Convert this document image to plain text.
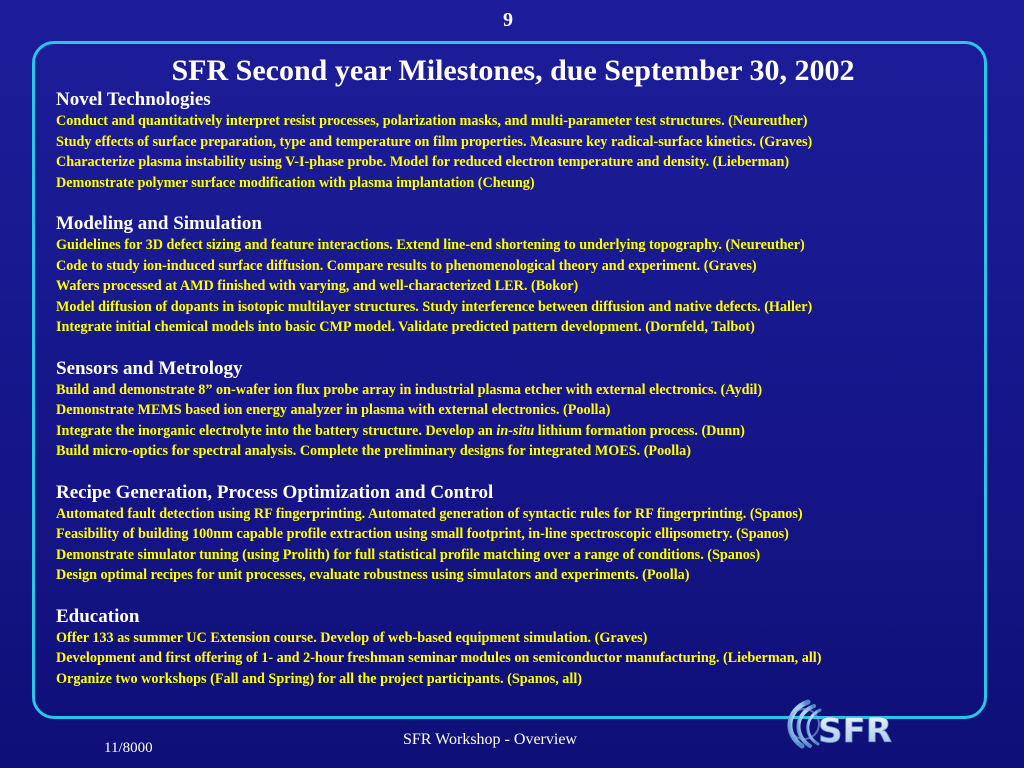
9
SFR Second year Milestones, due September 30, 2002
Novel Technologies
Conduct and quantitatively interpret resist processes, polarization masks, and multi-parameter test structures. (Neureuther)
Study effects of surface preparation, type and temperature on film properties. Measure key radical-surface kinetics. (Graves)
Characterize plasma instability using V-I-phase probe. Model for reduced electron temperature and density. (Lieberman)
Demonstrate polymer surface modification with plasma implantation (Cheung)
Modeling and Simulation
Guidelines for 3D defect sizing and feature interactions. Extend line-end shortening to underlying topography. (Neureuther)
Code to study ion-induced surface diffusion. Compare results to phenomenological theory and experiment. (Graves)
Wafers processed at AMD finished with varying, and well-characterized LER. (Bokor)
Model diffusion of dopants in isotopic multilayer structures. Study interference between diffusion and native defects. (Haller)
Integrate initial chemical models into basic CMP model. Validate predicted pattern development. (Dornfeld, Talbot)
Sensors and Metrology
Build and demonstrate 8” on-wafer ion flux probe array in industrial plasma etcher with external electronics. (Aydil)
Demonstrate MEMS based ion energy analyzer in plasma with external electronics. (Poolla)
Integrate the inorganic electrolyte into the battery structure. Develop an in-situ lithium formation process. (Dunn)
Build micro-optics for spectral analysis. Complete the preliminary designs for integrated MOES. (Poolla)
Recipe Generation, Process Optimization and Control
Automated fault detection using RF fingerprinting. Automated generation of syntactic rules for RF fingerprinting. (Spanos)
Feasibility of building 100nm capable profile extraction using small footprint, in-line spectroscopic ellipsometry. (Spanos)
Demonstrate simulator tuning (using Prolith) for full statistical profile matching over a range of conditions. (Spanos)
Design optimal recipes for unit processes, evaluate robustness using simulators and experiments. (Poolla)
Education
Offer 133 as summer UC Extension course. Develop of web-based equipment simulation. (Graves)
Development and first offering of 1- and 2-hour freshman seminar modules on semiconductor manufacturing. (Lieberman, all)
Organize two workshops (Fall and Spring) for all the project participants. (Spanos, all)
11/8000	SFR Workshop - Overview	SFR
